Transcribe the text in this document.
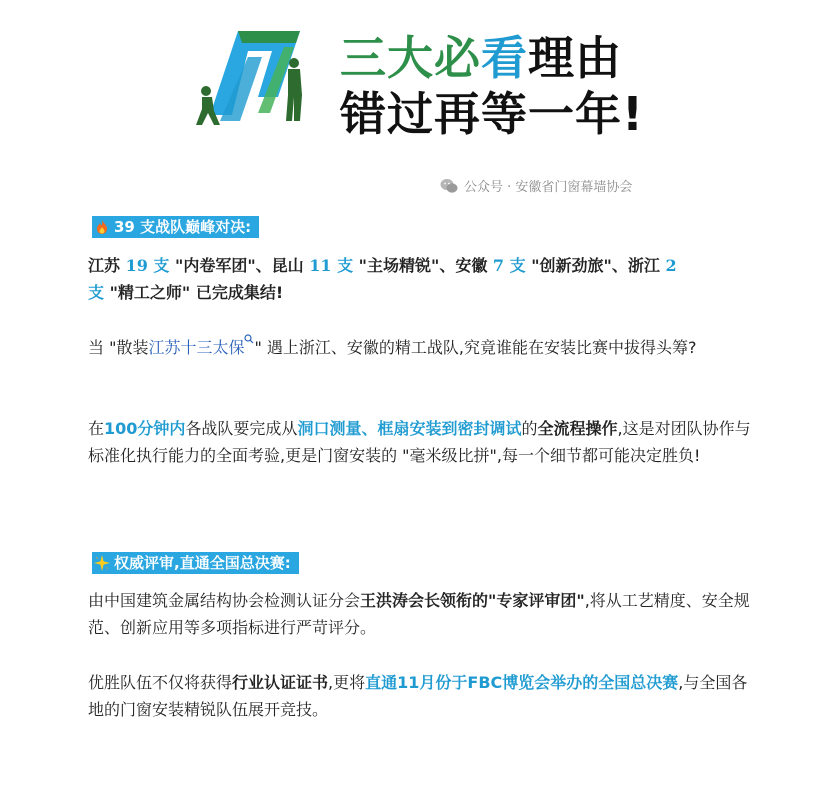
三大必看理由
错过再等一年!
公众号 · 安徽省门窗幕墙协会
39 支战队巅峰对决:
江苏 19 支 "内卷军团"、昆山 11 支 "主场精锐"、安徽 7 支 "创新劲旅"、浙江 2
支 "精工之师" 已完成集结!
当 "散装江苏十三太保 " 遇上浙江、安徽的精工战队,究竟谁能在安装比赛中拔得头筹?
在100分钟内各战队要完成从洞口测量、框扇安装到密封调试的全流程操作,这是对团队协作与标准化执行能力的全面考验,更是门窗安装的 "毫米级比拼",每一个细节都可能决定胜负!
权威评审,直通全国总决赛:
由中国建筑金属结构协会检测认证分会王洪涛会长领衔的"专家评审团",将从工艺精度、安全规范、创新应用等多项指标进行严苛评分。
优胜队伍不仅将获得行业认证证书,更将直通11月份于FBC博览会举办的全国总决赛,与全国各地的门窗安装精锐队伍展开竞技。
